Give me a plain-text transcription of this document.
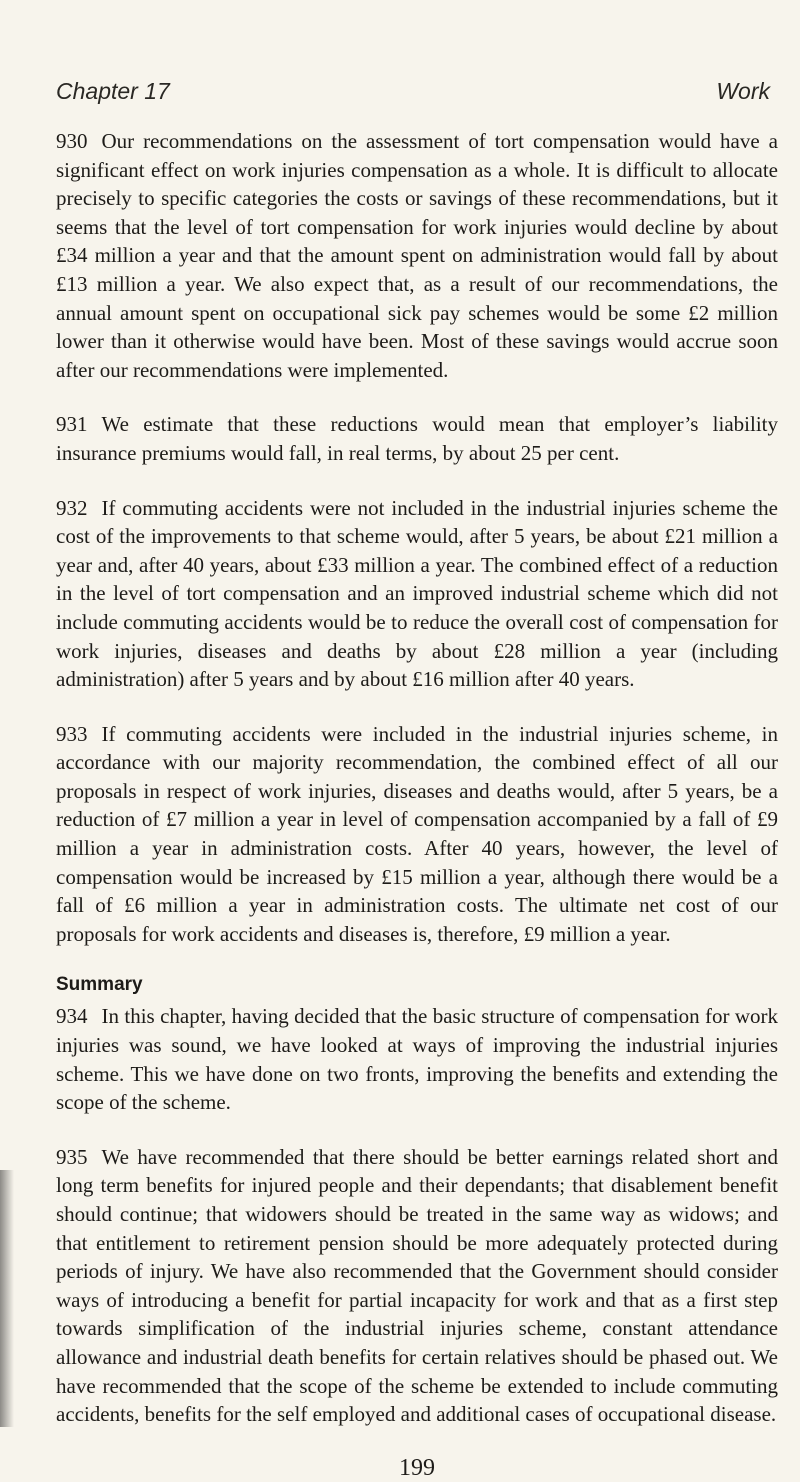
Chapter 17	Work

930 Our recommendations on the assessment of tort compensation would have a significant effect on work injuries compensation as a whole. It is difficult to allocate precisely to specific categories the costs or savings of these recommendations, but it seems that the level of tort compensation for work injuries would decline by about £34 million a year and that the amount spent on administration would fall by about £13 million a year. We also expect that, as a result of our recommendations, the annual amount spent on occupational sick pay schemes would be some £2 million lower than it otherwise would have been. Most of these savings would accrue soon after our recommendations were implemented.

931 We estimate that these reductions would mean that employer’s liability insurance premiums would fall, in real terms, by about 25 per cent.

932 If commuting accidents were not included in the industrial injuries scheme the cost of the improvements to that scheme would, after 5 years, be about £21 million a year and, after 40 years, about £33 million a year. The combined effect of a reduction in the level of tort compensation and an improved industrial scheme which did not include commuting accidents would be to reduce the overall cost of compensation for work injuries, diseases and deaths by about £28 million a year (including administration) after 5 years and by about £16 million after 40 years.

933 If commuting accidents were included in the industrial injuries scheme, in accordance with our majority recommendation, the combined effect of all our proposals in respect of work injuries, diseases and deaths would, after 5 years, be a reduction of £7 million a year in level of compensation accompanied by a fall of £9 million a year in administration costs. After 40 years, however, the level of compensation would be increased by £15 million a year, although there would be a fall of £6 million a year in administration costs. The ultimate net cost of our proposals for work accidents and diseases is, therefore, £9 million a year.

Summary

934 In this chapter, having decided that the basic structure of compensation for work injuries was sound, we have looked at ways of improving the industrial injuries scheme. This we have done on two fronts, improving the benefits and extending the scope of the scheme.

935 We have recommended that there should be better earnings related short and long term benefits for injured people and their dependants; that disablement benefit should continue; that widowers should be treated in the same way as widows; and that entitlement to retirement pension should be more adequately protected during periods of injury. We have also recommended that the Government should consider ways of introducing a benefit for partial incapacity for work and that as a first step towards simplification of the industrial injuries scheme, constant attendance allowance and industrial death benefits for certain relatives should be phased out. We have recommended that the scope of the scheme be extended to include commuting accidents, benefits for the self employed and additional cases of occupational disease.

199
